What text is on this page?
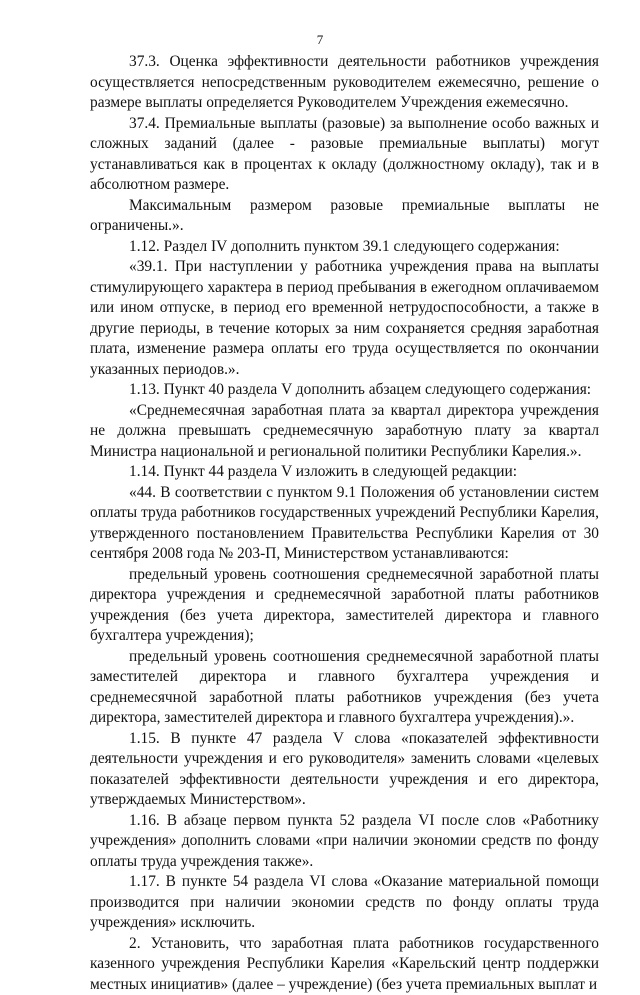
7

37.3. Оценка эффективности деятельности работников учреждения осуществляется непосредственным руководителем ежемесячно, решение о размере выплаты определяется Руководителем Учреждения ежемесячно.

37.4. Премиальные выплаты (разовые) за выполнение особо важных и сложных заданий (далее - разовые премиальные выплаты) могут устанавливаться как в процентах к окладу (должностному окладу), так и в абсолютном размере.

Максимальным размером разовые премиальные выплаты не ограничены.».

1.12. Раздел IV дополнить пунктом 39.1 следующего содержания:

«39.1. При наступлении у работника учреждения права на выплаты стимулирующего характера в период пребывания в ежегодном оплачиваемом или ином отпуске, в период его временной нетрудоспособности, а также в другие периоды, в течение которых за ним сохраняется средняя заработная плата, изменение размера оплаты его труда осуществляется по окончании указанных периодов.».

1.13. Пункт 40 раздела V дополнить абзацем следующего содержания:

«Среднемесячная заработная плата за квартал директора учреждения не должна превышать среднемесячную заработную плату за квартал Министра национальной и региональной политики Республики Карелия.».

1.14. Пункт 44 раздела V изложить в следующей редакции:

«44. В соответствии с пунктом 9.1 Положения об установлении систем оплаты труда работников государственных учреждений Республики Карелия, утвержденного постановлением Правительства Республики Карелия от 30 сентября 2008 года № 203-П, Министерством устанавливаются:

предельный уровень соотношения среднемесячной заработной платы директора учреждения и среднемесячной заработной платы работников учреждения (без учета директора, заместителей директора и главного бухгалтера учреждения);

предельный уровень соотношения среднемесячной заработной платы заместителей директора и главного бухгалтера учреждения и среднемесячной заработной платы работников учреждения (без учета директора, заместителей директора и главного бухгалтера учреждения).».

1.15. В пункте 47 раздела V слова «показателей эффективности деятельности учреждения и его руководителя» заменить словами «целевых показателей эффективности деятельности учреждения и его директора, утверждаемых Министерством».

1.16. В абзаце первом пункта 52 раздела VI после слов «Работнику учреждения» дополнить словами «при наличии экономии средств по фонду оплаты труда учреждения также».

1.17. В пункте 54 раздела VI слова «Оказание материальной помощи производится при наличии экономии средств по фонду оплаты труда учреждения» исключить.

2. Установить, что заработная плата работников государственного казенного учреждения Республики Карелия «Карельский центр поддержки местных инициатив» (далее – учреждение) (без учета премиальных выплат и
